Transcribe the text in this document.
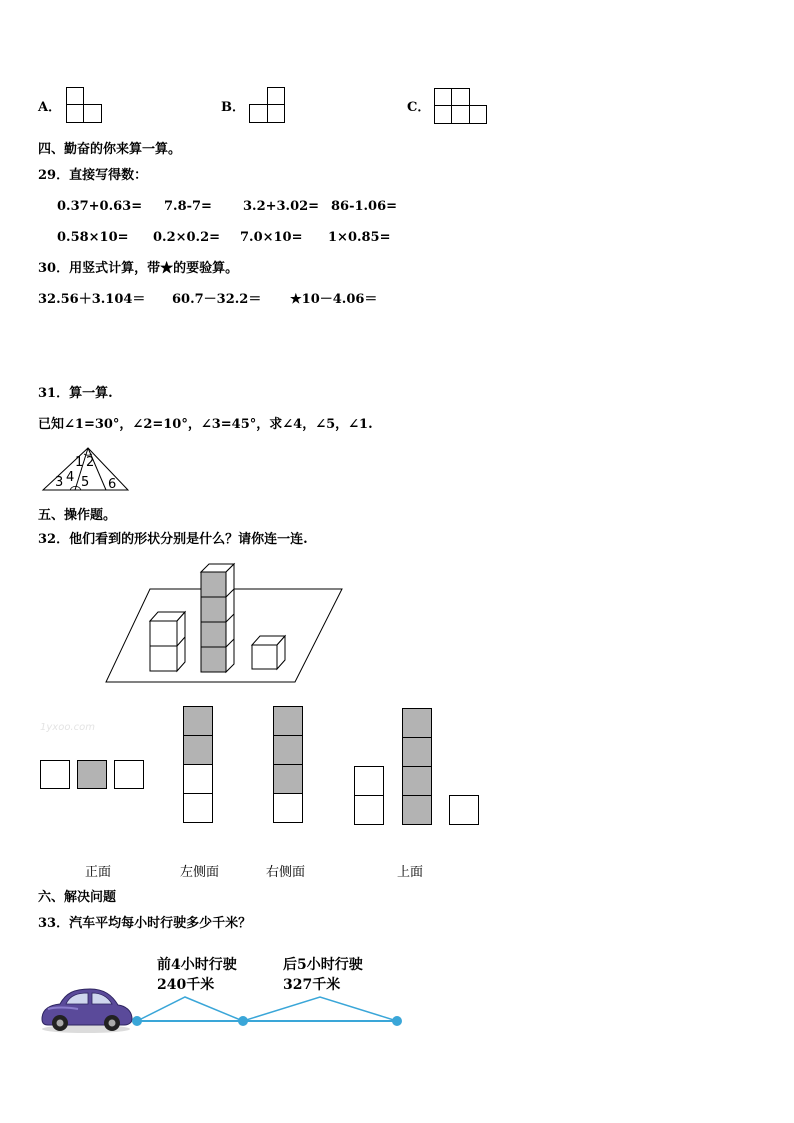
A．	B．	C．
四、勤奋的你来算一算。
29．直接写得数：
0.37+0.63= 7.8-7= 3.2+3.02= 86-1.06=
0.58×10= 0.2×0.2= 7.0×10= 1×0.85=
30．用竖式计算，带★的要验算。
32.56＋3.104＝ 60.7－32.2＝ ★10－4.06＝
31．算一算.
已知∠1=30°，∠2=10°，∠3=45°，求∠4，∠5，∠1.
1 2
3 4 5 6
五、操作题。
32．他们看到的形状分别是什么？请你连一连.
1yxoo.com
正面	左侧面	右侧面	上面
六、解决问题
33．汽车平均每小时行驶多少千米？
前4小时行驶
240千米
后5小时行驶
327千米
